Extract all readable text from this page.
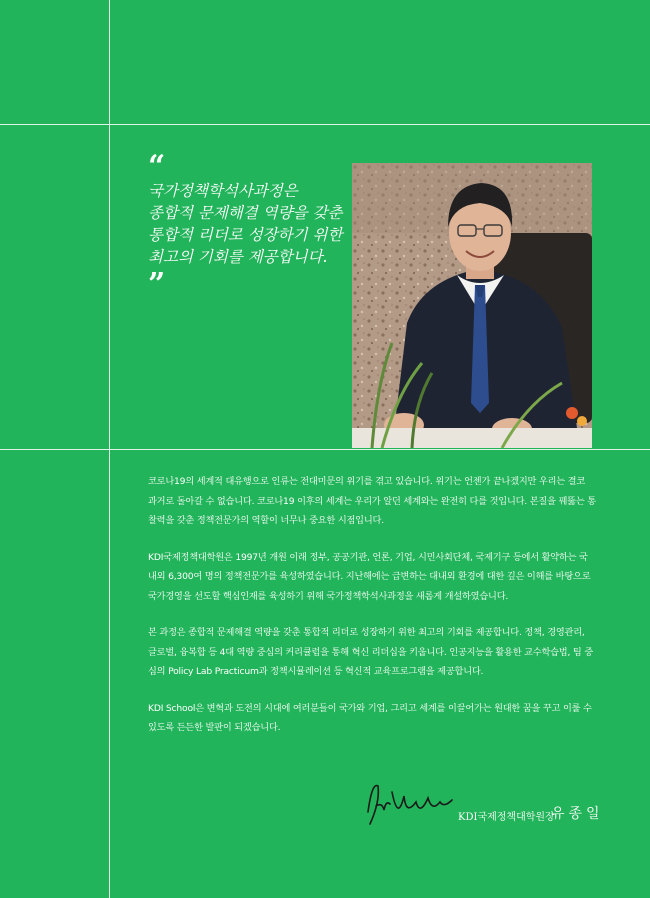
“

국가정책학석사과정은
종합적 문제해결 역량을 갖춘
통합적 리더로 성장하기 위한
최고의 기회를 제공합니다.

”

코로나19의 세계적 대유행으로 인류는 전대미문의 위기를 겪고 있습니다. 위기는 언젠가 끝나겠지만 우리는 결코 과거로 돌아갈 수 없습니다. 코로나19 이후의 세계는 우리가 알던 세계와는 완전히 다를 것입니다. 본질을 꿰뚫는 통찰력을 갖춘 정책전문가의 역할이 너무나 중요한 시점입니다.

KDI국제정책대학원은 1997년 개원 이래 정부, 공공기관, 언론, 기업, 시민사회단체, 국제기구 등에서 활약하는 국내외 6,300여 명의 정책전문가를 육성하였습니다. 지난해에는 급변하는 대내외 환경에 대한 깊은 이해를 바탕으로 국가경영을 선도할 핵심인재를 육성하기 위해 국가정책학석사과정을 새롭게 개설하였습니다.

본 과정은 종합적 문제해결 역량을 갖춘 통합적 리더로 성장하기 위한 최고의 기회를 제공합니다. 정책, 경영관리, 글로벌, 융복합 등 4대 역량 중심의 커리큘럼을 통해 혁신 리더십을 키웁니다. 인공지능을 활용한 교수학습법, 팀 중심의 Policy Lab Practicum과 정책시뮬레이션 등 혁신적 교육프로그램을 제공합니다.

KDI School은 변혁과 도전의 시대에 여러분들이 국가와 기업, 그리고 세계를 이끌어가는 원대한 꿈을 꾸고 이룰 수 있도록 든든한 발판이 되겠습니다.

KDI국제정책대학원장
유종일
